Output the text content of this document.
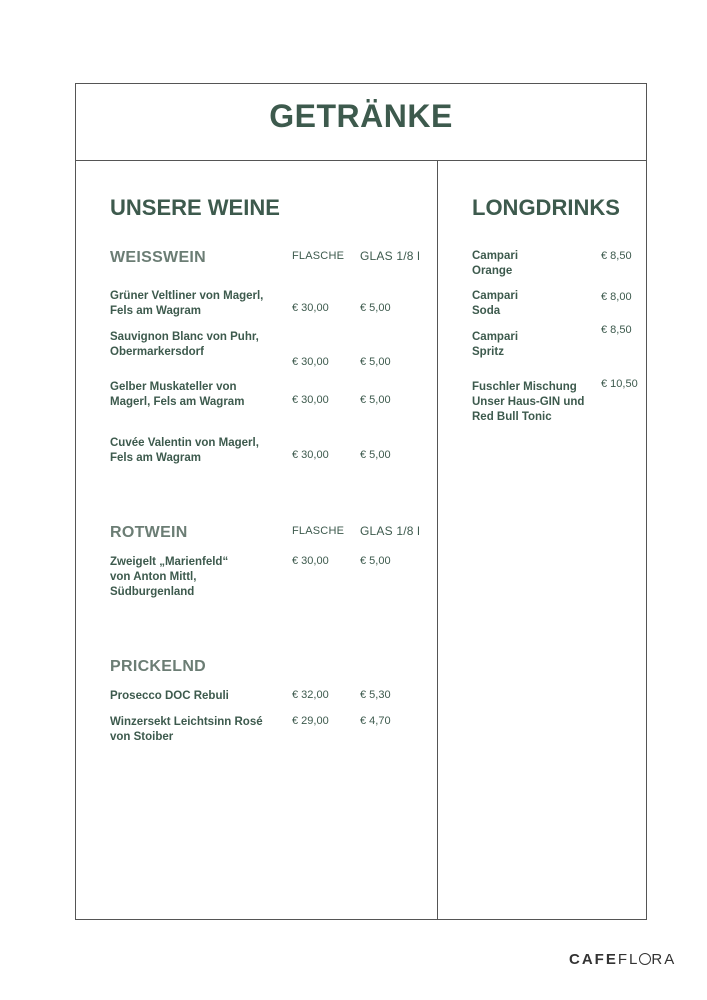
GETRÄNKE
UNSERE WEINE
WEISSWEIN	FLASCHE GLAS 1/8 l
Grüner Veltliner von Magerl,
Fels am Wagram	€ 30,00	€ 5,00
Sauvignon Blanc von Puhr,
Obermarkersdorf
€ 30,00	€ 5,00
Gelber Muskateller von
Magerl, Fels am Wagram	€ 30,00	€ 5,00
Cuvée Valentin von Magerl,
Fels am Wagram	€ 30,00	€ 5,00
ROTWEIN	FLASCHE GLAS 1/8 l
Zweigelt „Marienfeld“
von Anton Mittl,
Südburgenland
€ 30,00	€ 5,00
PRICKELND
Prosecco DOC Rebuli	€ 32,00	€ 5,30
Winzersekt Leichtsinn Rosé
von Stoiber
€ 29,00	€ 4,70
LONGDRINKS
Campari
Orange
€ 8,50
Campari
Soda
€ 8,00
Campari
Spritz
€ 8,50
Fuschler Mischung
Unser Haus-GIN und
Red Bull Tonic
€ 10,50
CAFEFL RA
